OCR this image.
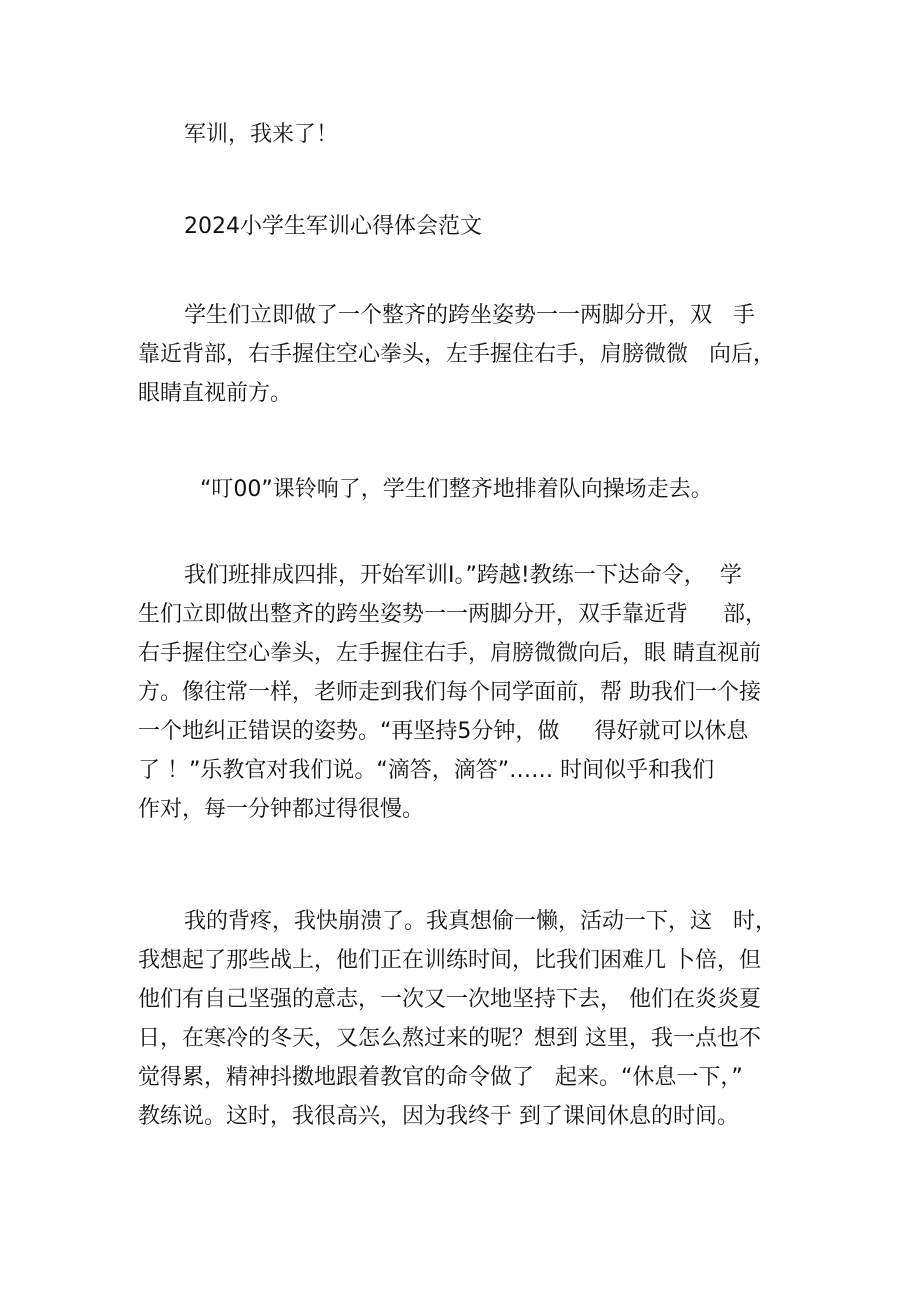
军训，我来了！

2024小学生军训心得体会范文

学生们立即做了一个整齐的跨坐姿势一一两脚分开，双   手
靠近背部，右手握住空心拳头，左手握住右手，肩膀微微   向后，
眼睛直视前方。
“叮00”课铃响了，学生们整齐地排着队向操场走去。
我们班排成四排，开始军训I。”跨越!教练一下达命令，  学
生们立即做出整齐的跨坐姿势一一两脚分开，双手靠近背     部，
右手握住空心拳头，左手握住右手，肩膀微微向后，眼 睛直视前
方。像往常一样，老师走到我们每个同学面前，帮 助我们一个接
一个地纠正错误的姿势。“再坚持5分钟，做     得好就可以休息
了 ！”乐教官对我们说。“滴答，滴答”…… 时间似乎和我们
作对，每一分钟都过得很慢。
我的背疼，我快崩溃了。我真想偷一懒，活动一下，这   时，
我想起了那些战上，他们正在训练时间，比我们困难几 卜倍，但
他们有自己坚强的意志，一次又一次地坚持下去， 他们在炎炎夏
日，在寒冷的冬天，又怎么熬过来的呢？想到 这里，我一点也不
觉得累，精神抖擞地跟着教官的命令做了   起来。“休息一下，”
教练说。这时，我很高兴，因为我终于 到了课间休息的时间。
